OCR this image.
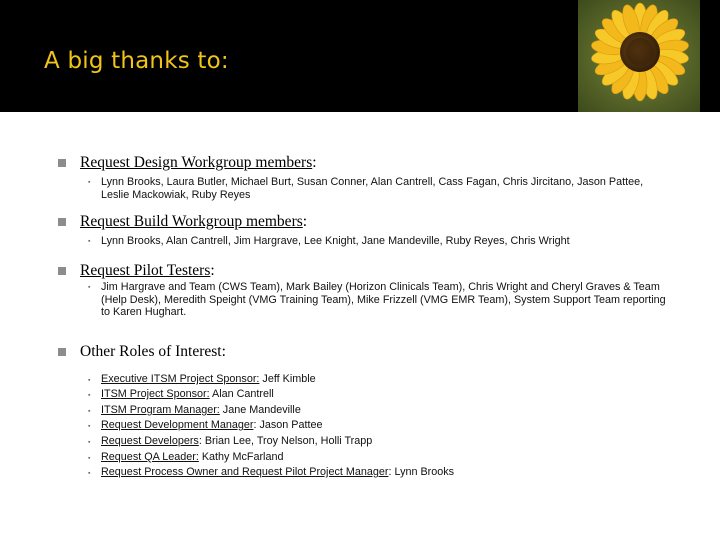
A big thanks to:
Request Design Workgroup members:
▪ Lynn Brooks, Laura Butler, Michael Burt, Susan Conner, Alan Cantrell, Cass Fagan, Chris Jircitano, Jason Pattee, Leslie Mackowiak, Ruby Reyes
Request Build Workgroup members:
▪ Lynn Brooks, Alan Cantrell, Jim Hargrave, Lee Knight, Jane Mandeville, Ruby Reyes, Chris Wright
Request Pilot Testers:
▪ Jim Hargrave and Team (CWS Team), Mark Bailey (Horizon Clinicals Team), Chris Wright and Cheryl Graves & Team (Help Desk), Meredith Speight (VMG Training Team), Mike Frizzell (VMG EMR Team), System Support Team reporting to Karen Hughart.
Other Roles of Interest:
▪ Executive ITSM Project Sponsor: Jeff Kimble
▪ ITSM Project Sponsor: Alan Cantrell
▪ ITSM Program Manager: Jane Mandeville
▪ Request Development Manager: Jason Pattee
▪ Request Developers: Brian Lee, Troy Nelson, Holli Trapp
▪ Request QA Leader: Kathy McFarland
▪ Request Process Owner and Request Pilot Project Manager: Lynn Brooks
